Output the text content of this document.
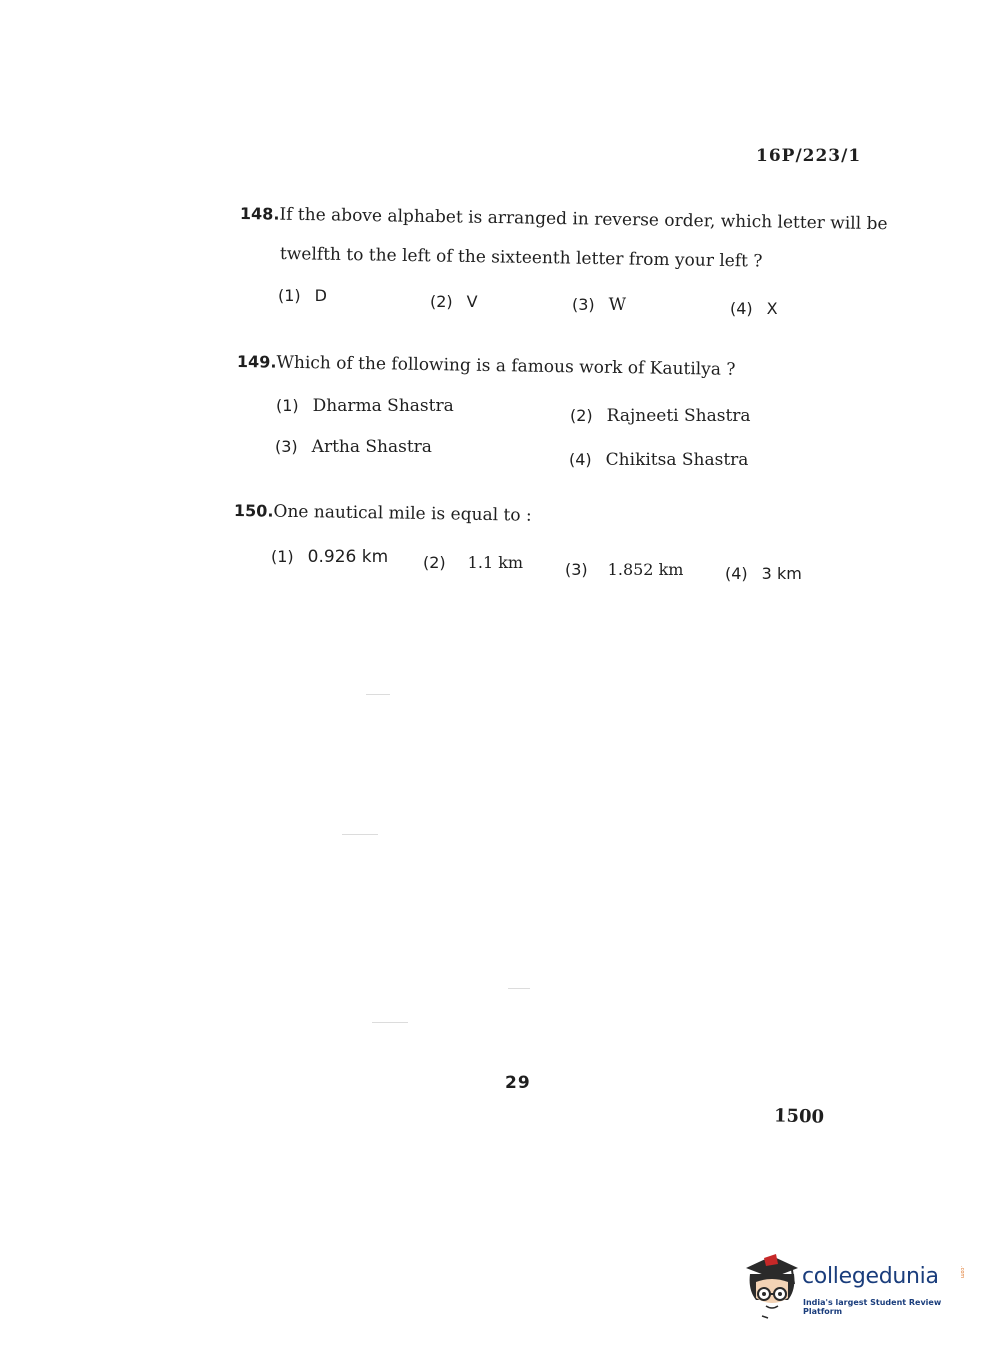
16P/223/1
148.If the above alphabet is arranged in reverse order, which letter will be
twelfth to the left of the sixteenth letter from your left ?
(1) D	(2) V	(3) W	(4) X
149.Which of the following is a famous work of Kautilya ?
(1) Dharma Shastra	(2) Rajneeti Shastra
(3) Artha Shastra
(4) Chikitsa Shastra
150.One nautical mile is equal to :
(1) 0.926 km (2) 1.1 km	(3) 1.852 km	(4) 3 km
29
1500
collegedunia	.com
India's largest Student Review Platform
